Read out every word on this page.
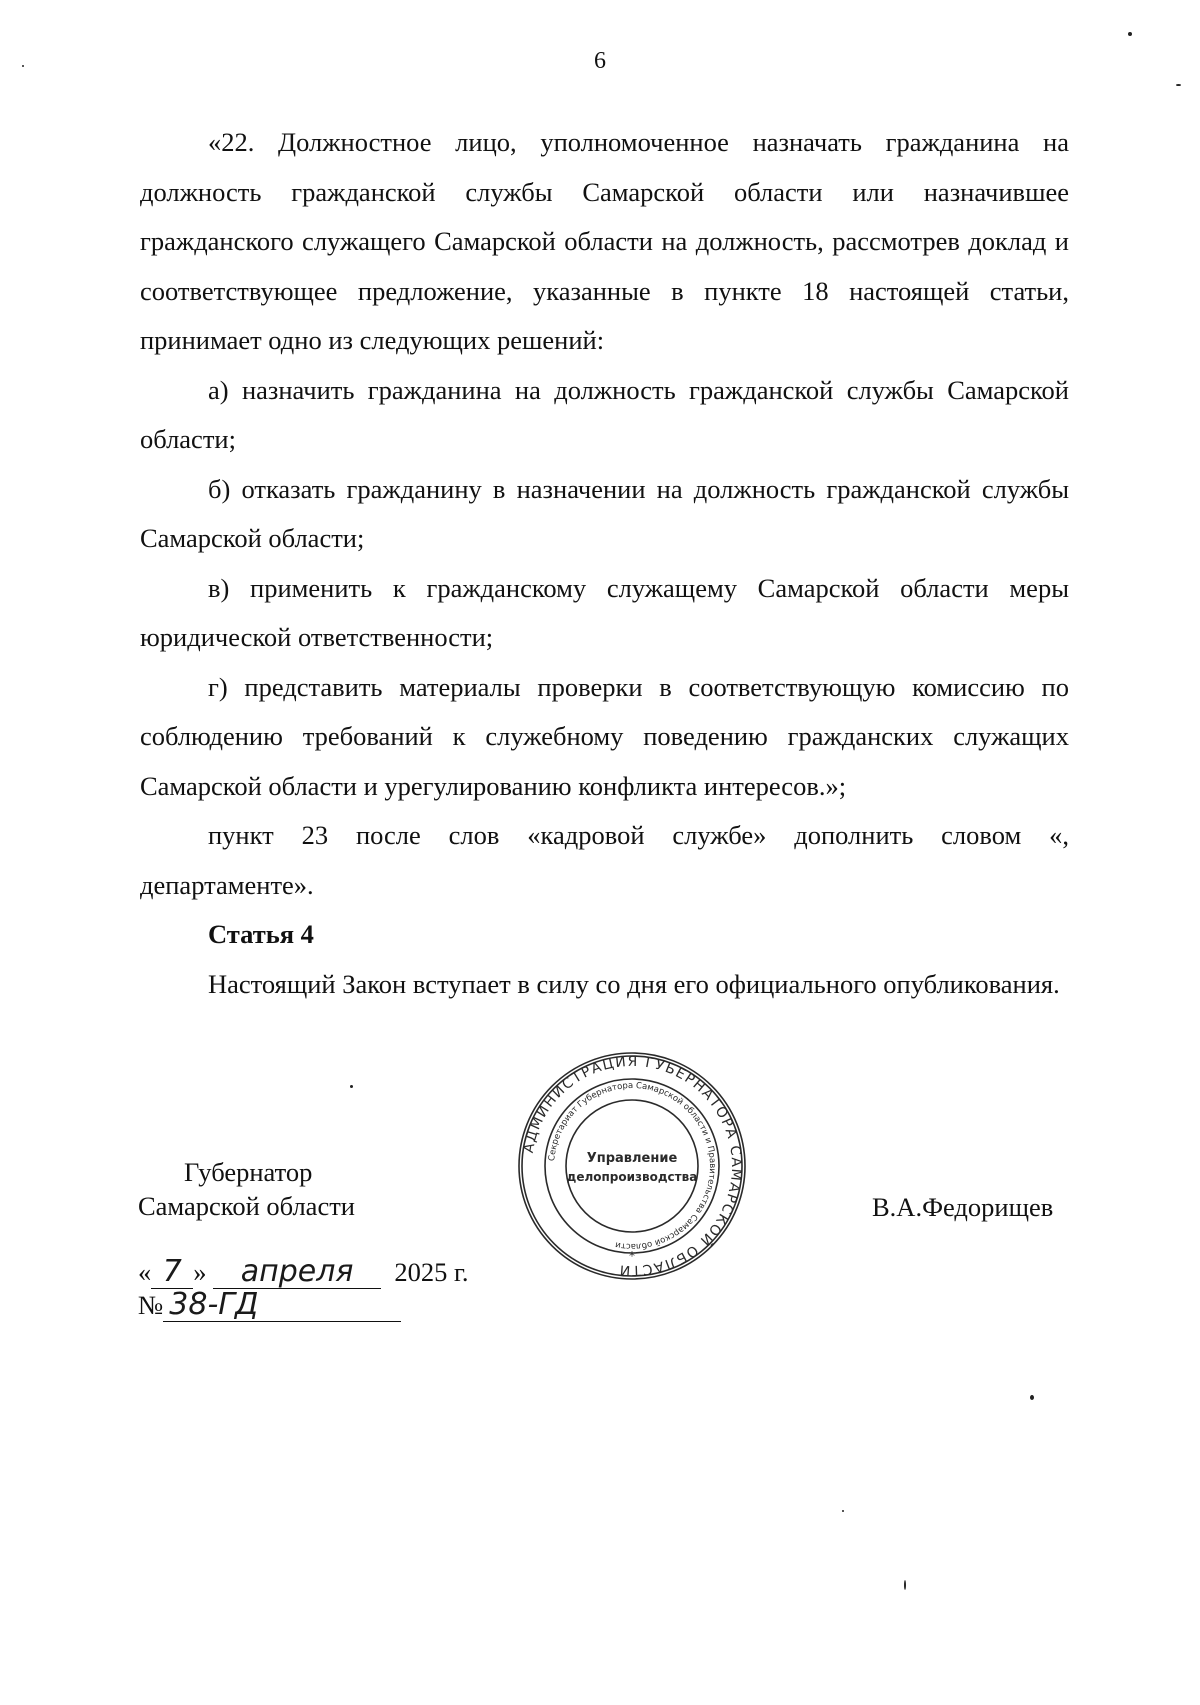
6

«22. Должностное лицо, уполномоченное назначать гражданина на должность гражданской службы Самарской области или назначившее гражданского служащего Самарской области на должность, рассмотрев доклад и соответствующее предложение, указанные в пункте 18 настоящей статьи, принимает одно из следующих решений:

а) назначить гражданина на должность гражданской службы Самарской области;

б) отказать гражданину в назначении на должность гражданской службы Самарской области;

в) применить к гражданскому служащему Самарской области меры юридической ответственности;

г) представить материалы проверки в соответствующую комиссию по соблюдению требований к служебному поведению гражданских служащих Самарской области и урегулированию конфликта интересов.»;

пункт 23 после слов «кадровой службе» дополнить словом «, департаменте».

Статья 4

Настоящий Закон вступает в силу со дня его официального опубликования.

Губернатор
Самарской области	В.А.Федорищев
АДМИНИСТРАЦИЯ ГУБЕРНАТОРА САМАРСКОЙ ОБЛАСТИ
Секретариат Губернатора Самарской области и Правительства Самарской области
*
Управление
делопроизводства
« 7 » апреля 2025 г.
№ 38-ГД
